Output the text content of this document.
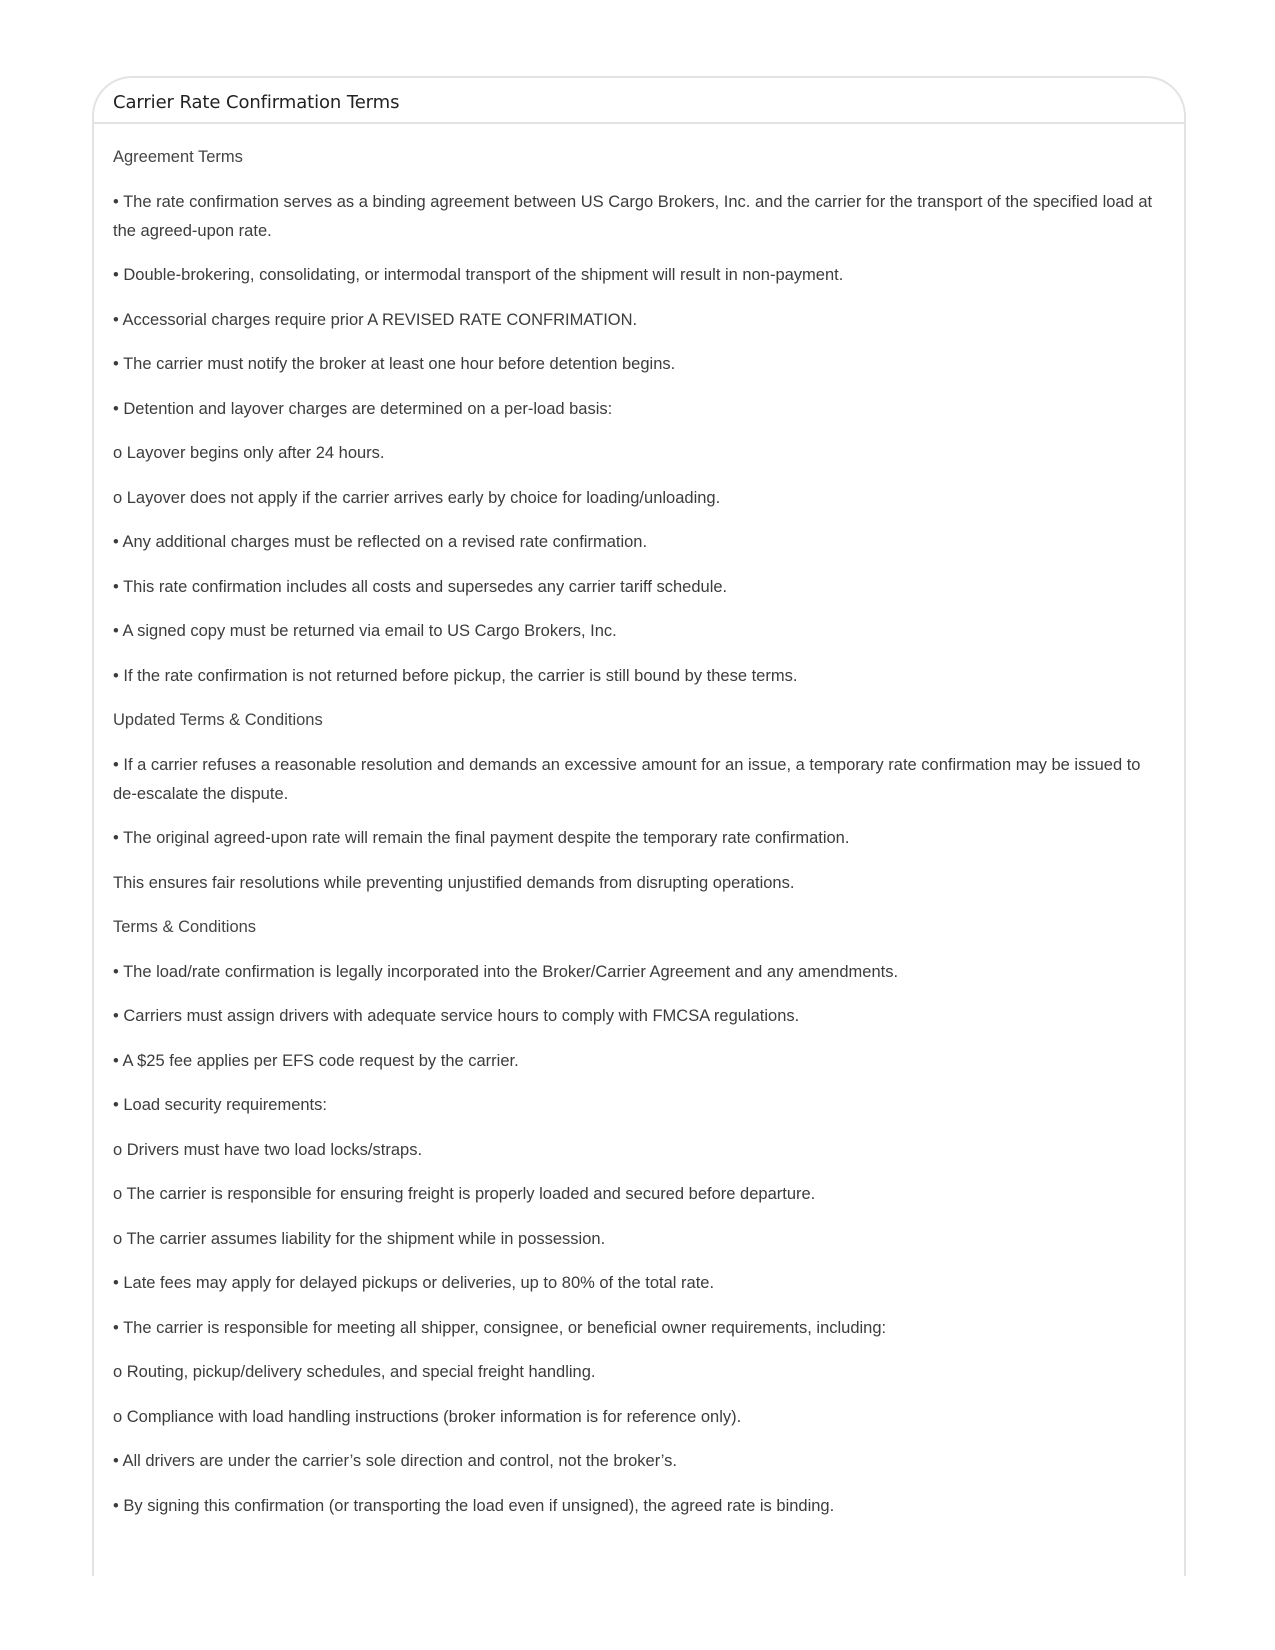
Carrier Rate Confirmation Terms

Agreement Terms

• The rate confirmation serves as a binding agreement between US Cargo Brokers, Inc. and the carrier for the transport of the specified load at the agreed-upon rate.

• Double-brokering, consolidating, or intermodal transport of the shipment will result in non-payment.

• Accessorial charges require prior A REVISED RATE CONFRIMATION.

• The carrier must notify the broker at least one hour before detention begins.

• Detention and layover charges are determined on a per-load basis:

o Layover begins only after 24 hours.

o Layover does not apply if the carrier arrives early by choice for loading/unloading.

• Any additional charges must be reflected on a revised rate confirmation.

• This rate confirmation includes all costs and supersedes any carrier tariff schedule.

• A signed copy must be returned via email to US Cargo Brokers, Inc.

• If the rate confirmation is not returned before pickup, the carrier is still bound by these terms.

Updated Terms & Conditions

• If a carrier refuses a reasonable resolution and demands an excessive amount for an issue, a temporary rate confirmation may be issued to de-escalate the dispute.

• The original agreed-upon rate will remain the final payment despite the temporary rate confirmation.

This ensures fair resolutions while preventing unjustified demands from disrupting operations.

Terms & Conditions

• The load/rate confirmation is legally incorporated into the Broker/Carrier Agreement and any amendments.

• Carriers must assign drivers with adequate service hours to comply with FMCSA regulations.

• A $25 fee applies per EFS code request by the carrier.

• Load security requirements:

o Drivers must have two load locks/straps.

o The carrier is responsible for ensuring freight is properly loaded and secured before departure.

o The carrier assumes liability for the shipment while in possession.

• Late fees may apply for delayed pickups or deliveries, up to 80% of the total rate.

• The carrier is responsible for meeting all shipper, consignee, or beneficial owner requirements, including:

o Routing, pickup/delivery schedules, and special freight handling.

o Compliance with load handling instructions (broker information is for reference only).

• All drivers are under the carrier’s sole direction and control, not the broker’s.

• By signing this confirmation (or transporting the load even if unsigned), the agreed rate is binding.
